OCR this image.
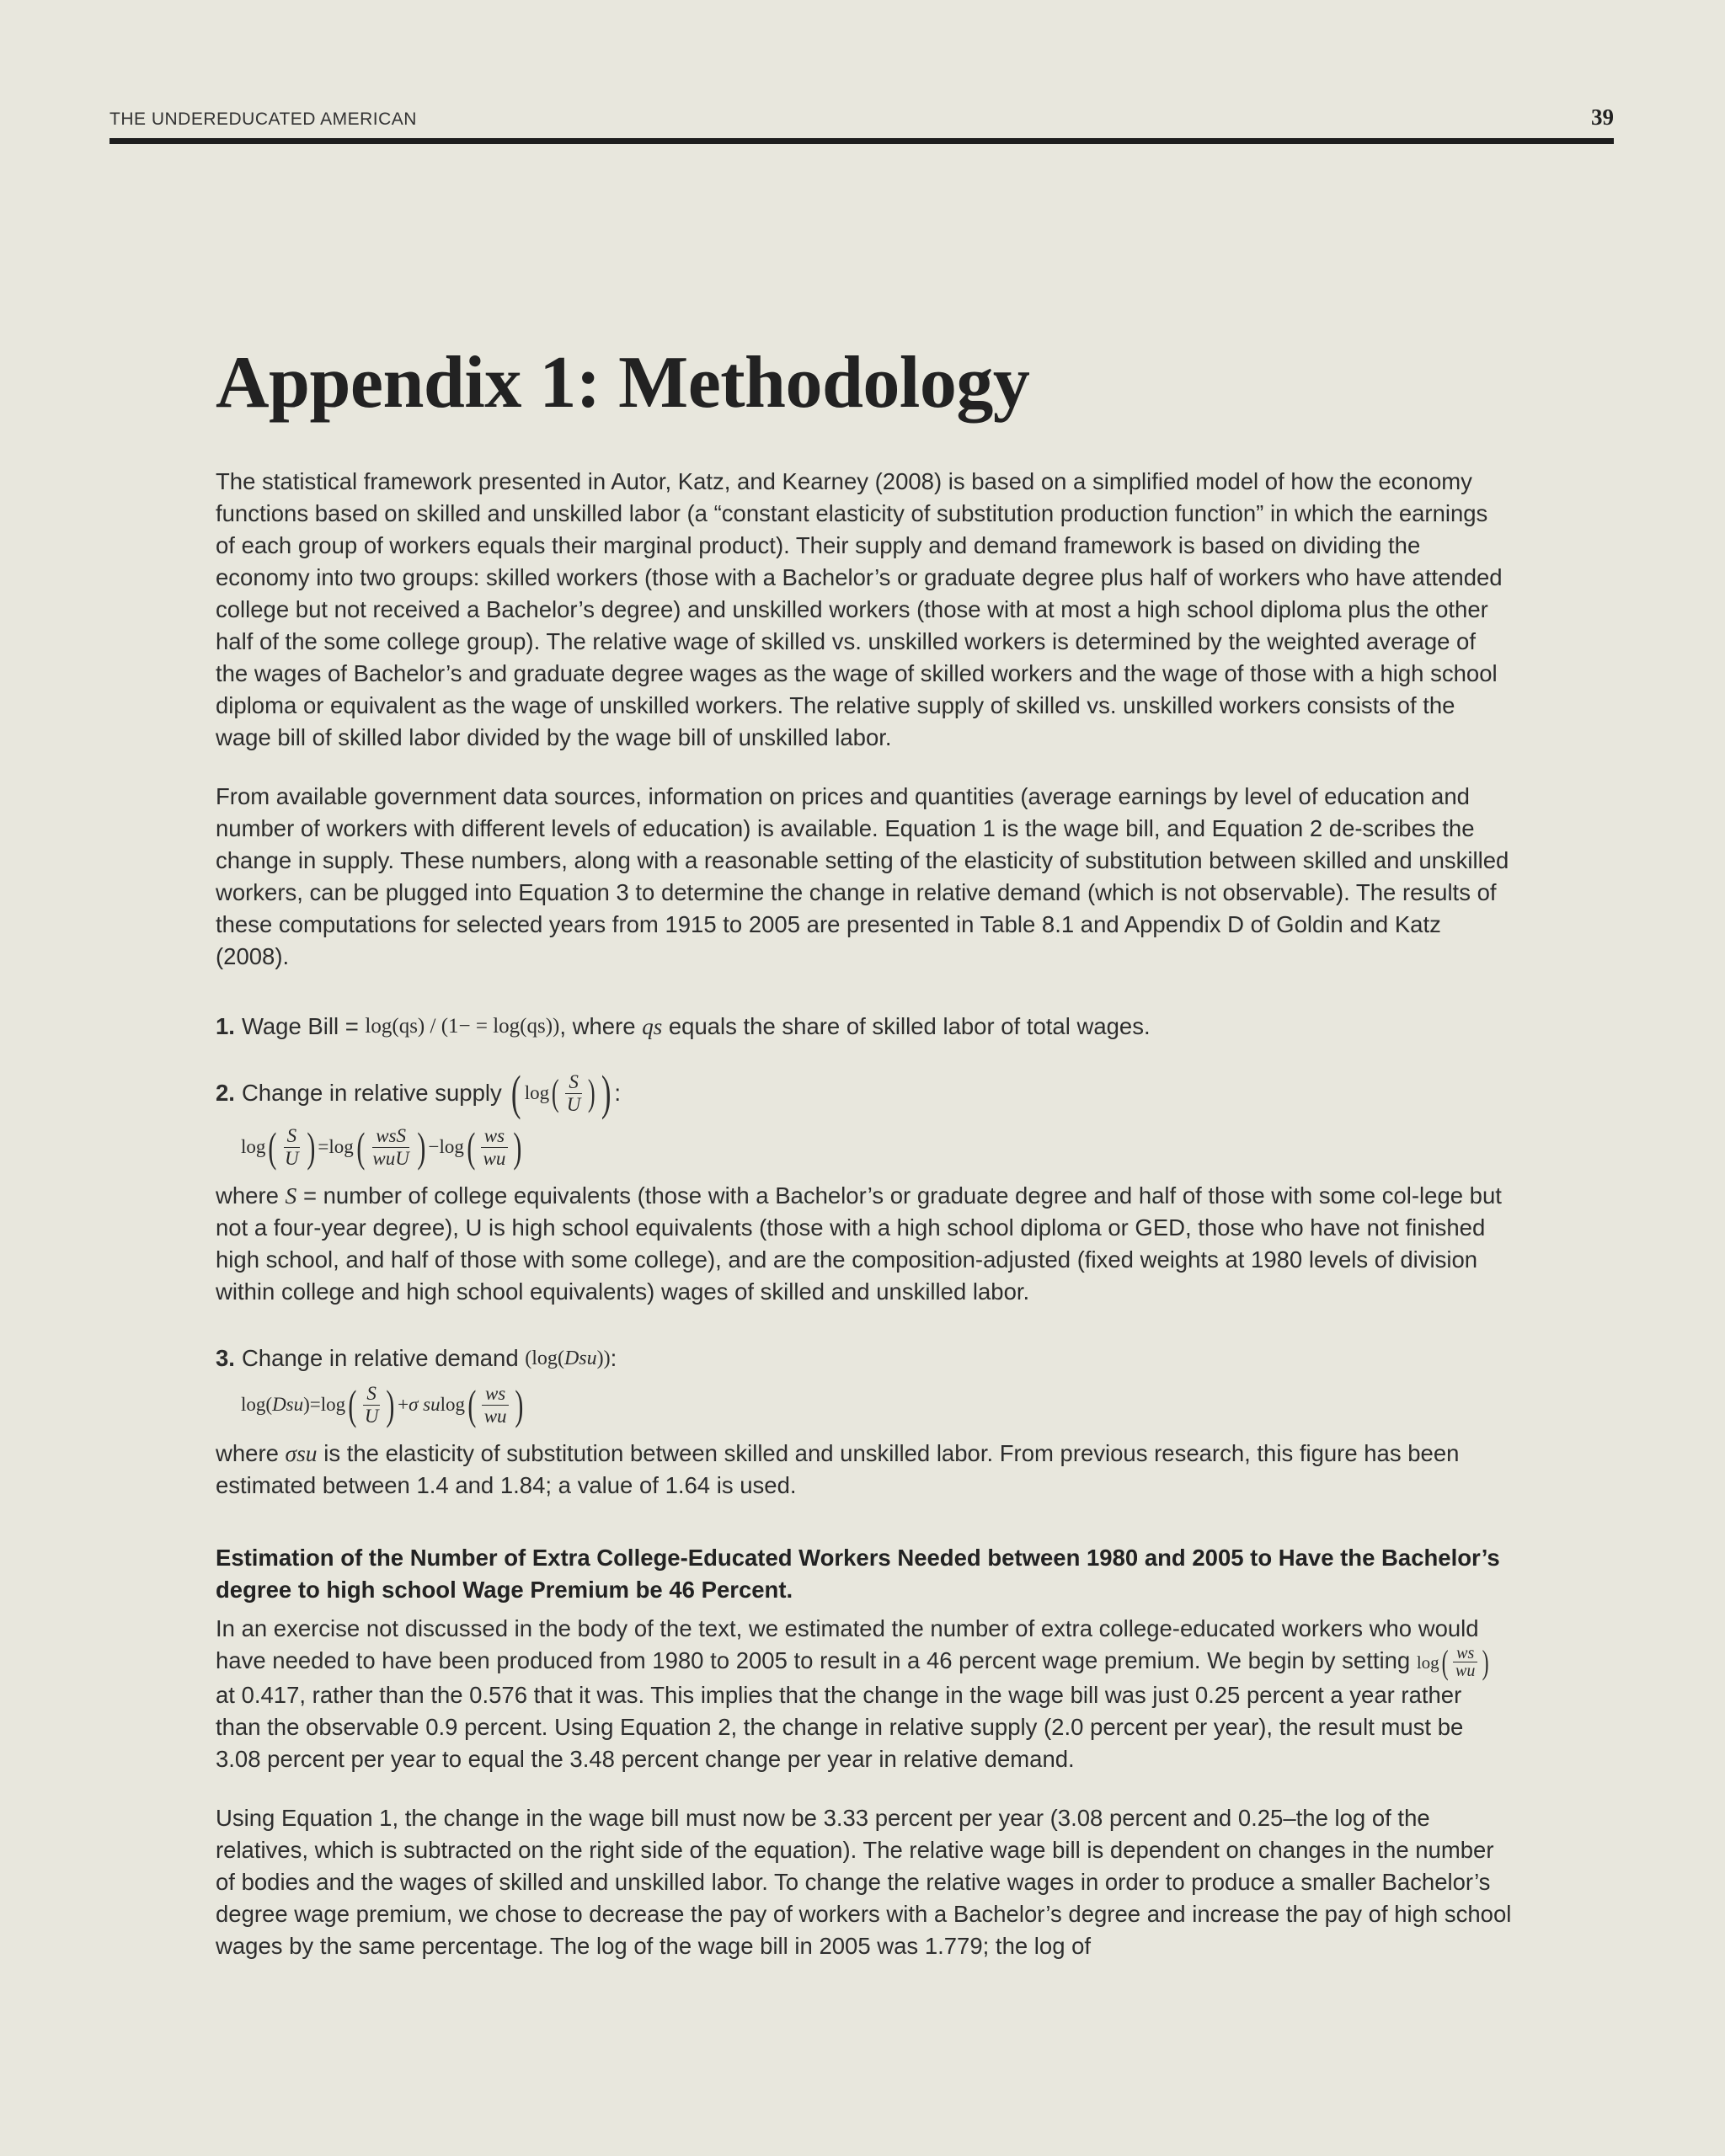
THE UNDEREDUCATED AMERICAN	39
Appendix 1: Methodology

The statistical framework presented in Autor, Katz, and Kearney (2008) is based on a simplified model of how the economy functions based on skilled and unskilled labor (a “constant elasticity of substitution production function” in which the earnings of each group of workers equals their marginal product). Their supply and demand framework is based on dividing the economy into two groups: skilled workers (those with a Bachelor’s or graduate degree plus half of workers who have attended college but not received a Bachelor’s degree) and unskilled workers (those with at most a high school diploma plus the other half of the some college group). The relative wage of skilled vs. unskilled workers is determined by the weighted average of the wages of Bachelor’s and graduate degree wages as the wage of skilled workers and the wage of those with a high school diploma or equivalent as the wage of unskilled workers. The relative supply of skilled vs. unskilled workers consists of the wage bill of skilled labor divided by the wage bill of unskilled labor.

From available government data sources, information on prices and quantities (average earnings by level of education and number of workers with different levels of education) is available. Equation 1 is the wage bill, and Equation 2 de-scribes the change in supply. These numbers, along with a reasonable setting of the elasticity of substitution between skilled and unskilled workers, can be plugged into Equation 3 to determine the change in relative demand (which is not observable). The results of these computations for selected years from 1915 to 2005 are presented in Table 8.1 and Appendix D of Goldin and Katz (2008).

1. Wage Bill =
log(qs) / (1− = log(qs)) , where
qs
equals the share of skilled labor of total wages.
2. Change in relative supply
( log ( $\frac{S}{U}$ ) ) :
log ( $\frac{S}{U}$ ) = log ( $\frac{\text{wsS}}{\text{wuU}}$ ) − log ( $\frac{ws}{wu}$ )

where S = number of college equivalents (those with a Bachelor’s or graduate degree and half of those with some col-lege but not a four-year degree), U is high school equivalents (those with a high school diploma or GED, those who have not finished high school, and half of those with some college), and are the composition-adjusted (fixed weights at 1980 levels of division within college and high school equivalents) wages of skilled and unskilled labor.

3. Change in relative demand
( log ( Dsu )) :
log (Dsu) = log ( $\frac{S}{U}$ ) + σ su log ( $\frac{ws}{wu}$ )

where σsu is the elasticity of substitution between skilled and unskilled labor. From previous research, this figure has been estimated between 1.4 and 1.84; a value of 1.64 is used.

Estimation of the Number of Extra College-Educated Workers Needed between 1980 and 2005 to Have the Bachelor’s degree to high school Wage Premium be 46 Percent.

In an exercise not discussed in the body of the text, we estimated the number of extra college-educated workers who would have needed to have been produced from 1980 to 2005 to result in a 46 percent wage premium. We begin by setting log ( $\frac{ws}{wu}$ )
at 0.417, rather than the 0.576 that it was. This implies that the change in the wage bill was just 0.25 percent a year rather than the observable 0.9 percent. Using Equation 2, the change in relative supply (2.0 percent per year), the result must be 3.08 percent per year to equal the 3.48 percent change per year in relative demand.

Using Equation 1, the change in the wage bill must now be 3.33 percent per year (3.08 percent and 0.25–the log of the relatives, which is subtracted on the right side of the equation). The relative wage bill is dependent on changes in the number of bodies and the wages of skilled and unskilled labor. To change the relative wages in order to produce a smaller Bachelor’s degree wage premium, we chose to decrease the pay of workers with a Bachelor’s degree and increase the pay of high school wages by the same percentage. The log of the wage bill in 2005 was 1.779; the log of
